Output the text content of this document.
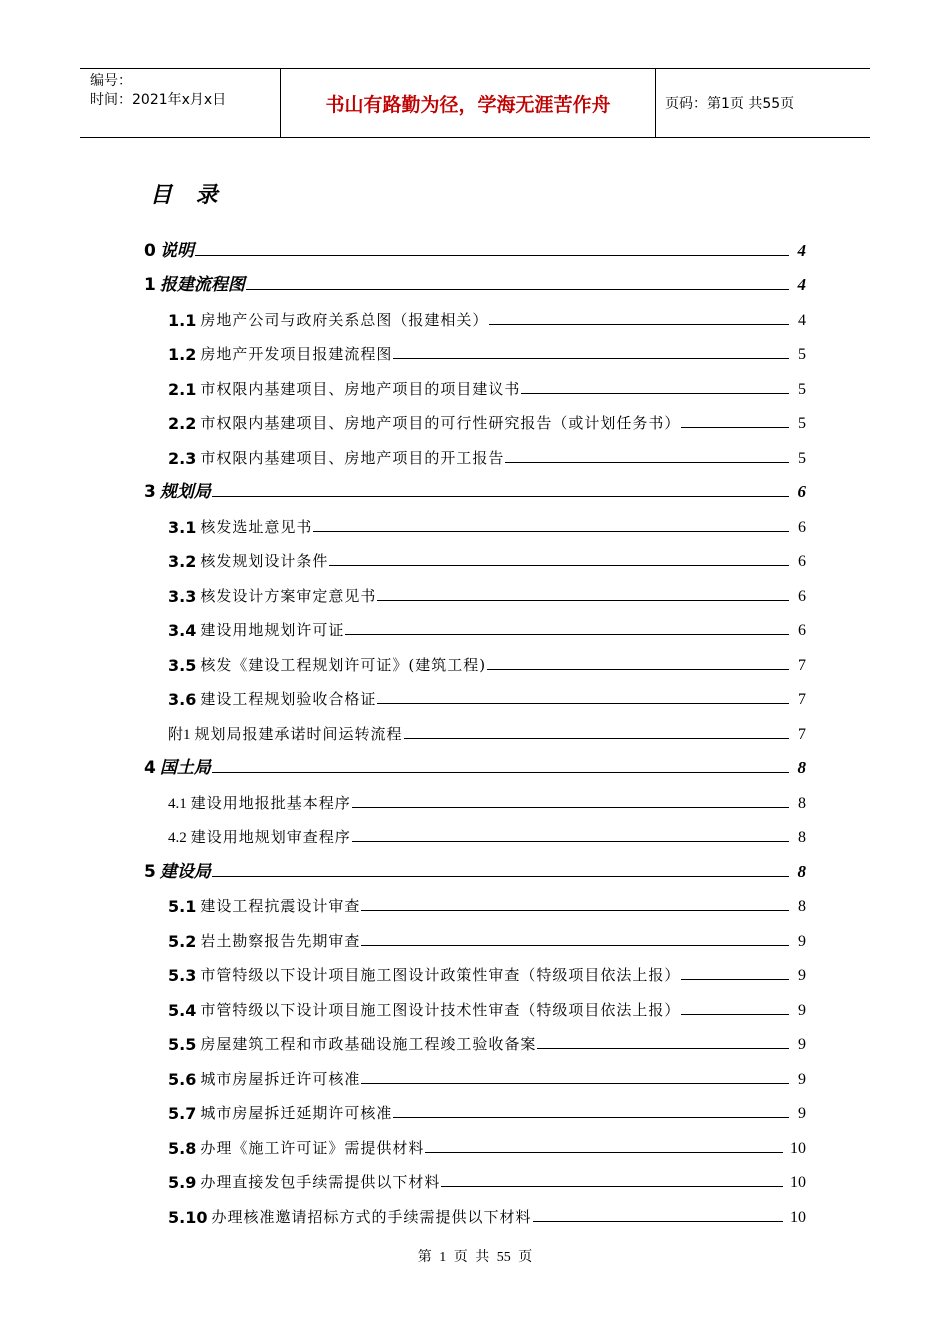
编号：
时间：2021年x月x日	书山有路勤为径，学海无涯苦作舟	页码：第1页 共55页
目 录
0 说明	4
1 报建流程图	4
1.1 房地产公司与政府关系总图（报建相关）	4
1.2 房地产开发项目报建流程图	5
2.1 市权限内基建项目、房地产项目的项目建议书	5
2.2 市权限内基建项目、房地产项目的可行性研究报告（或计划任务书）	5
2.3 市权限内基建项目、房地产项目的开工报告	5
3 规划局	6
3.1 核发选址意见书	6
3.2 核发规划设计条件	6
3.3 核发设计方案审定意见书	6
3.4 建设用地规划许可证	6
3.5 核发《建设工程规划许可证》(建筑工程)	7
3.6 建设工程规划验收合格证	7
附1 规划局报建承诺时间运转流程	7
4 国土局	8
4.1 建设用地报批基本程序	8
4.2 建设用地规划审查程序	8
5 建设局	8
5.1 建设工程抗震设计审查	8
5.2 岩土勘察报告先期审查	9
5.3 市管特级以下设计项目施工图设计政策性审查（特级项目依法上报）	9
5.4 市管特级以下设计项目施工图设计技术性审查（特级项目依法上报）	9
5.5 房屋建筑工程和市政基础设施工程竣工验收备案	9
5.6 城市房屋拆迁许可核准	9
5.7 城市房屋拆迁延期许可核准	9
5.8 办理《施工许可证》需提供材料	10
5.9 办理直接发包手续需提供以下材料	10
5.10 办理核准邀请招标方式的手续需提供以下材料	10
第 1 页 共 55 页
